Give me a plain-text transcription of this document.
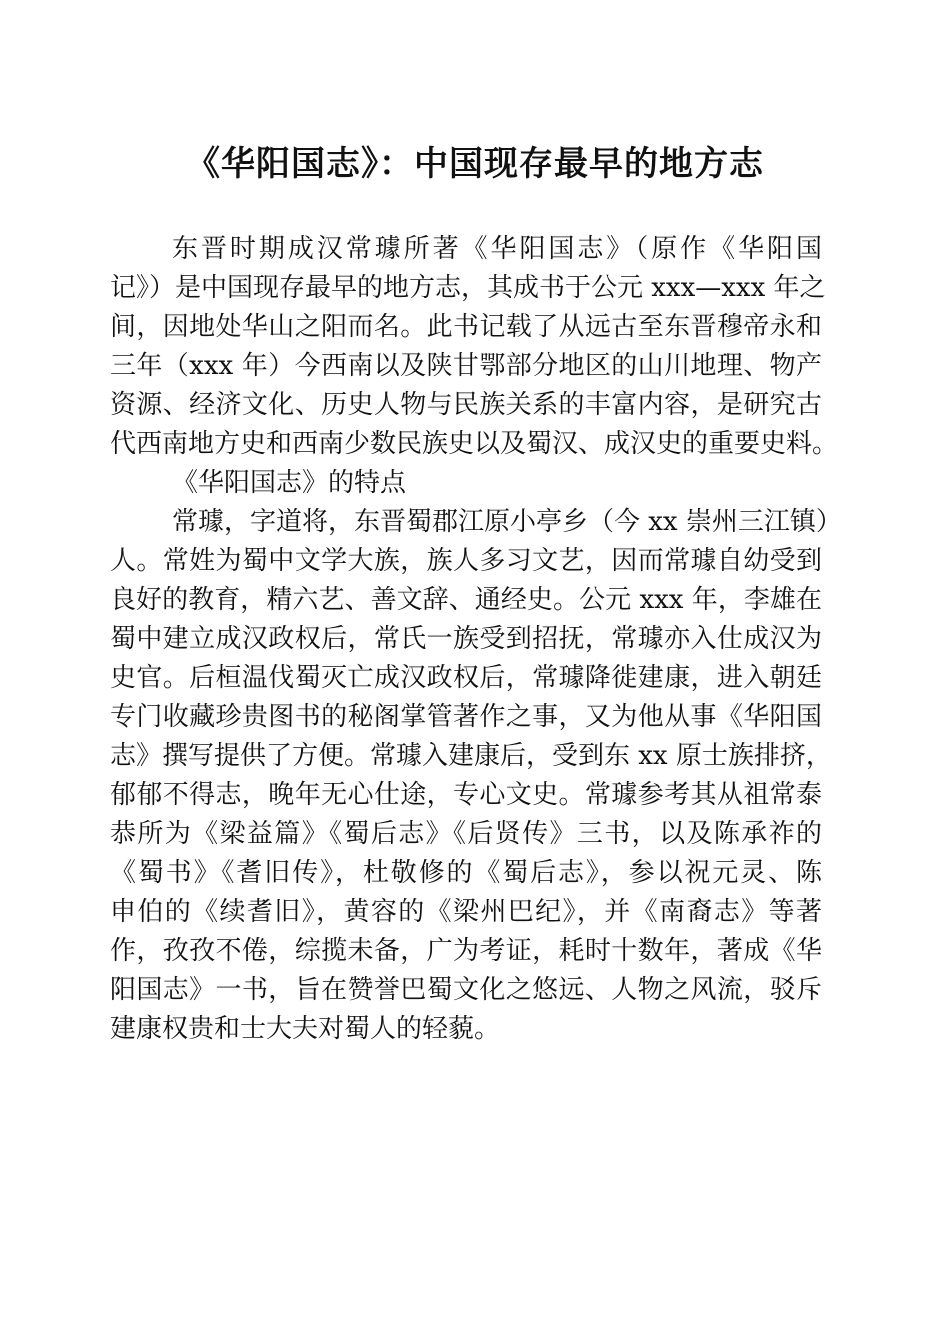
《华阳国志》：中国现存最早的地方志
东晋时期成汉常璩所著《华阳国志》（原作《华阳国
记》）是中国现存最早的地方志，其成书于公元 xxx—xxx 年之
间，因地处华山之阳而名。此书记载了从远古至东晋穆帝永和
三年（xxx 年）今西南以及陕甘鄂部分地区的山川地理、物产
资源、经济文化、历史人物与民族关系的丰富内容，是研究古
代西南地方史和西南少数民族史以及蜀汉、成汉史的重要史料。
《华阳国志》的特点
常璩，字道将，东晋蜀郡江原小亭乡（今 xx 崇州三江镇）
人。常姓为蜀中文学大族，族人多习文艺，因而常璩自幼受到
良好的教育，精六艺、善文辞、通经史。公元 xxx 年，李雄在
蜀中建立成汉政权后，常氏一族受到招抚，常璩亦入仕成汉为
史官。后桓温伐蜀灭亡成汉政权后，常璩降徙建康，进入朝廷
专门收藏珍贵图书的秘阁掌管著作之事，又为他从事《华阳国
志》撰写提供了方便。常璩入建康后，受到东 xx 原士族排挤，
郁郁不得志，晚年无心仕途，专心文史。常璩参考其从祖常泰
恭所为《梁益篇》《蜀后志》《后贤传》三书，以及陈承祚的
《蜀书》《耆旧传》，杜敬修的《蜀后志》，参以祝元灵、陈
申伯的《续耆旧》，黄容的《梁州巴纪》，并《南裔志》等著
作，孜孜不倦，综揽未备，广为考证，耗时十数年，著成《华
阳国志》一书，旨在赞誉巴蜀文化之悠远、人物之风流，驳斥
建康权贵和士大夫对蜀人的轻藐。
